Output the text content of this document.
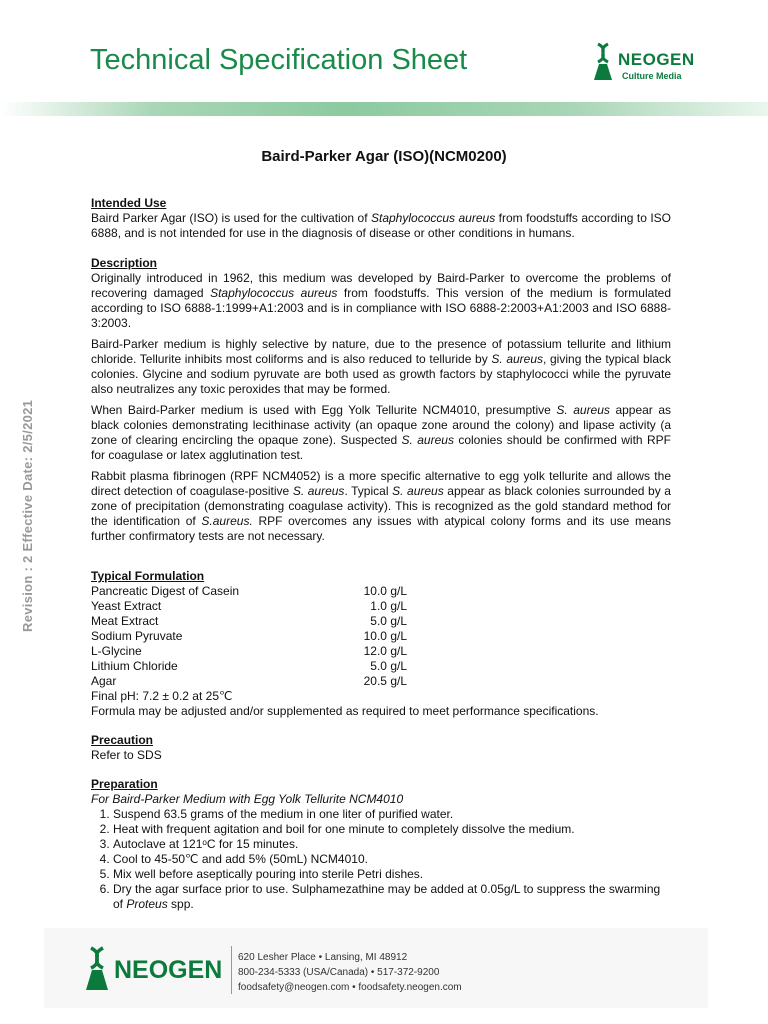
Technical Specification Sheet	NEOGEN
Culture Media
Revision : 2 Effective Date: 2/5/2021
Baird-Parker Agar (ISO)(NCM0200)
Intended Use
Baird Parker Agar (ISO) is used for the cultivation of Staphylococcus aureus from foodstuffs according to ISO 6888, and is not intended for use in the diagnosis of disease or other conditions in humans.
Description
Originally introduced in 1962, this medium was developed by Baird-Parker to overcome the problems of recovering damaged Staphylococcus aureus from foodstuffs. This version of the medium is formulated according to ISO 6888-1:1999+A1:2003 and is in compliance with ISO 6888-2:2003+A1:2003 and ISO 6888-3:2003.
Baird-Parker medium is highly selective by nature, due to the presence of potassium tellurite and lithium chloride. Tellurite inhibits most coliforms and is also reduced to telluride by S. aureus, giving the typical black colonies. Glycine and sodium pyruvate are both used as growth factors by staphylococci while the pyruvate also neutralizes any toxic peroxides that may be formed.
When Baird-Parker medium is used with Egg Yolk Tellurite NCM4010, presumptive S. aureus appear as black colonies demonstrating lecithinase activity (an opaque zone around the colony) and lipase activity (a zone of clearing encircling the opaque zone). Suspected S. aureus colonies should be confirmed with RPF for coagulase or latex agglutination test.
Rabbit plasma fibrinogen (RPF NCM4052) is a more specific alternative to egg yolk tellurite and allows the direct detection of coagulase-positive S. aureus. Typical S. aureus appear as black colonies surrounded by a zone of precipitation (demonstrating coagulase activity). This is recognized as the gold standard method for the identification of S.aureus. RPF overcomes any issues with atypical colony forms and its use means further confirmatory tests are not necessary.
Typical Formulation
Pancreatic Digest of Casein	10.0 g/L
Yeast Extract	1.0 g/L
Meat Extract	5.0 g/L
Sodium Pyruvate	10.0 g/L
L-Glycine	12.0 g/L
Lithium Chloride	5.0 g/L
Agar	20.5 g/L
Final pH: 7.2 ± 0.2 at 25℃
Formula may be adjusted and/or supplemented as required to meet performance specifications.
Precaution
Refer to SDS
Preparation
For Baird-Parker Medium with Egg Yolk Tellurite NCM4010
1. Suspend 63.5 grams of the medium in one liter of purified water.
2. Heat with frequent agitation and boil for one minute to completely dissolve the medium.
3. Autoclave at 121ᵒC for 15 minutes.
4. Cool to 45-50℃ and add 5% (50mL) NCM4010.
5. Mix well before aseptically pouring into sterile Petri dishes.
6. Dry the agar surface prior to use. Sulphamezathine may be added at 0.05g/L to suppress the swarming of Proteus spp.
NEOGEN 620 Lesher Place • Lansing, MI 48912
800-234-5333 (USA/Canada) • 517-372-9200
foodsafety@neogen.com • foodsafety.neogen.com
